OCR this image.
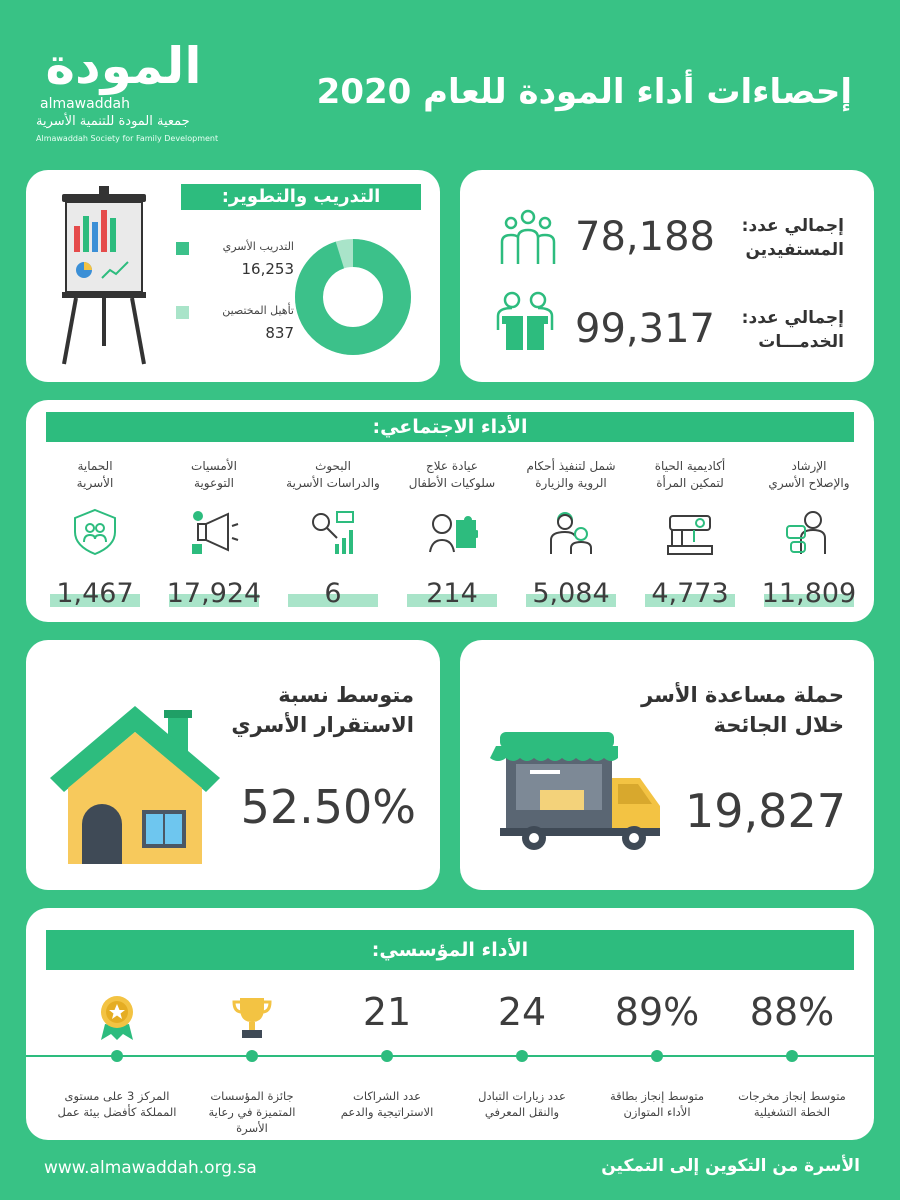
المودة
almawaddah
جمعية المودة للتنمية الأسرية
Almawaddah Society for Family Development
إحصاءات أداء المودة للعام 2020
التدريب والتطوير:
التدريب الأسري
16,253
تأهيل المختصين
837
78,188 إجمالي عدد:
المستفيدين
99,317 إجمالي عدد:
الخدمـــات
الأداء الاجتماعي:
الإرشاد
والإصلاح الأسري
11,809
أكاديمية الحياة
لتمكين المرأة
4,773
شمل لتنفيذ أحكام
الروية والزيارة
5,084
عيادة علاج
سلوكيات الأطفال
214
البحوث
والدراسات الأسرية
6
الأمسيات
التوعوية
17,924
الحماية
الأسرية
1,467
متوسط نسبة
الاستقرار الأسري
52.50%
حملة مساعدة الأسر
خلال الجائحة
19,827
الأداء المؤسسي:
88%
متوسط إنجاز مخرجات الخطة التشغيلية
89%
متوسط إنجاز بطاقة الأداء المتوازن
24
عدد زيارات التبادل والنقل المعرفي
21
عدد الشراكات الاستراتيجية والدعم
جائزة المؤسسات المتميزة في رعاية الأسرة
المركز 3 على مستوى المملكة كأفضل بيئة عمل
www.almawaddah.org.sa	الأسرة من التكوين إلى التمكين
